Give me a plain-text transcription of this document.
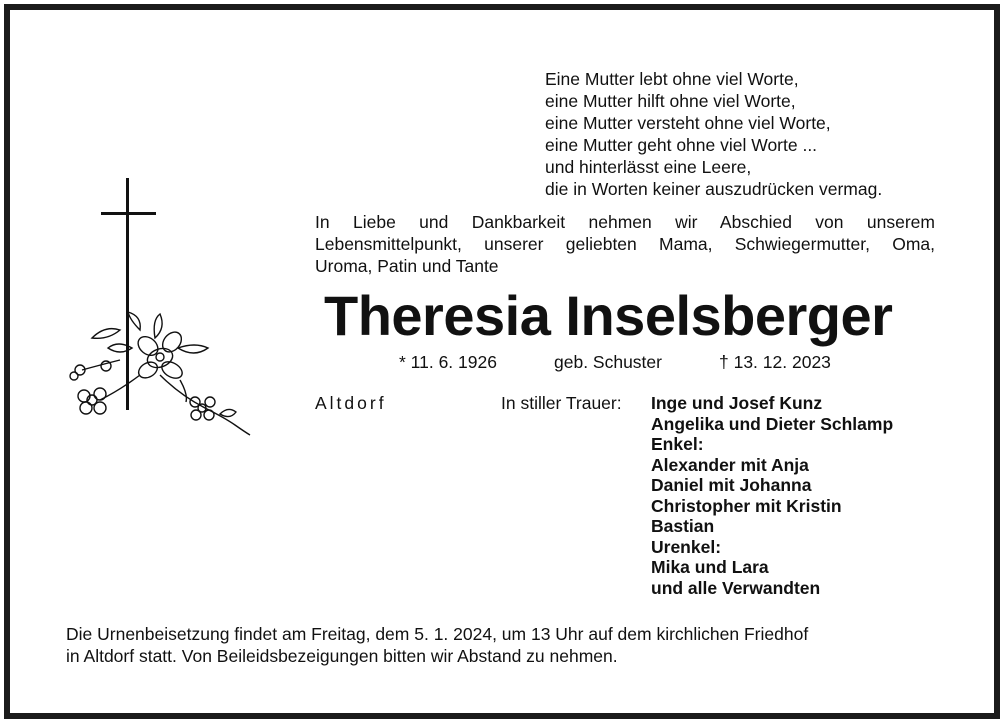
Eine Mutter lebt ohne viel Worte,
eine Mutter hilft ohne viel Worte,
eine Mutter versteht ohne viel Worte,
eine Mutter geht ohne viel Worte ...
und hinterlässt eine Leere,
die in Worten keiner auszudrücken vermag.
In Liebe und Dankbarkeit nehmen wir Abschied von unserem
Lebensmittelpunkt, unserer geliebten Mama, Schwiegermutter, Oma,
Uroma, Patin und Tante
Theresia Inselsberger
* 11. 6. 1926	geb. Schuster	† 13. 12. 2023
Altdorf	In stiller Trauer: Inge und Josef Kunz
Angelika und Dieter Schlamp
Enkel:
Alexander mit Anja
Daniel mit Johanna
Christopher mit Kristin
Bastian
Urenkel:
Mika und Lara
und alle Verwandten
Die Urnenbeisetzung findet am Freitag, dem 5. 1. 2024, um 13 Uhr auf dem kirchlichen Friedhof
in Altdorf statt. Von Beileidsbezeigungen bitten wir Abstand zu nehmen.
